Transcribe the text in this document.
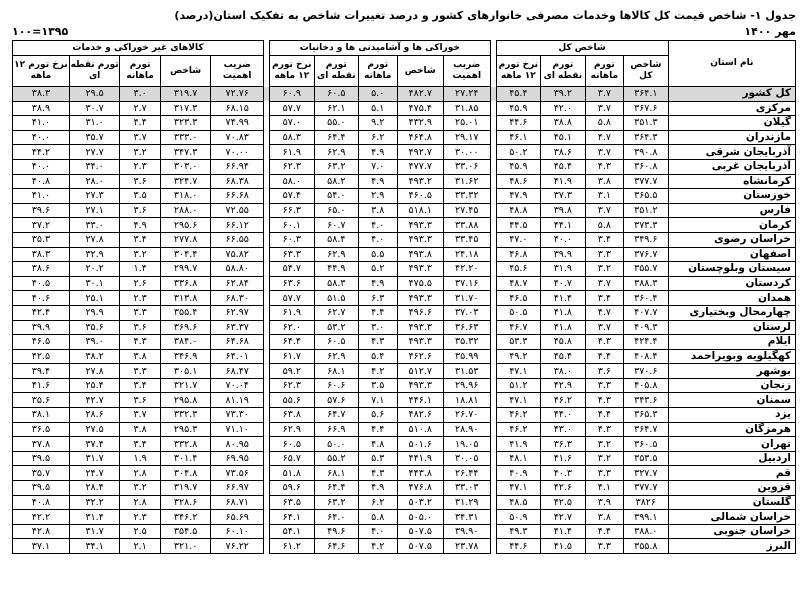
جدول ۱- شاخص قیمت کل کالاها وخدمات مصرفی خانوارهای کشور و درصد تغییرات شاخص به تفکیک استان(درصد)
۱۰۰=۱۳۹۵	مهر ۱۴۰۰
نام استان	شاخص کل					خوراکی ها و آشامیدنی ها و دخانیات						کالاهای غیر خوراکی و خدمات				
	شاخص کل	تورم ماهانه	تورم نقطه ای	نرخ تورم ۱۲ ماهه		ضریب اهمیت	شاخص	تورم ماهانه	تورم نقطه ای	نرخ تورم ۱۲ ماهه		ضریب اهمیت	شاخص	تورم ماهانه	تورم نقطه ای	نرخ تورم ۱۲ ماهه
کل کشور	۳۶۴.۱	۳.۷	۳۹.۲	۴۵.۴		۲۷.۲۴	۴۸۲.۷	۵.۰	۶۰.۵	۶۰.۹		۷۲.۷۶	۳۱۹.۷	۳.۰	۲۹.۵	۳۸.۳
مرکزی	۳۶۷.۶	۳.۷	۴۲.۰	۴۵.۹		۳۱.۸۵	۴۷۵.۴	۵.۱	۶۲.۱	۵۷.۷		۶۸.۱۵	۳۱۷.۳	۲.۷	۳۰.۷	۳۸.۹
گیلان	۳۵۱.۳	۵.۸	۳۸.۸	۴۴.۶		۲۵.۰۱	۴۳۲.۹	۹.۲	۵۵.۰	۵۷.۰		۷۴.۹۹	۳۲۳.۳	۴.۴	۳۱.۰	۴۱.۰
مازندران	۳۶۴.۳	۴.۷	۴۵.۱	۴۶.۱		۲۹.۱۷	۴۶۴.۸	۶.۲	۶۴.۴	۵۸.۳		۷۰.۸۳	۳۳۳.۰	۳.۷	۳۵.۷	۴۰.۰
آذربایجان شرقی	۳۹۰.۸	۳.۷	۳۸.۶	۵۰.۲		۳۰.۰۰	۴۹۲.۷	۴.۹	۶۲.۹	۶۱.۹		۷۰.۰۰	۳۴۷.۳	۳.۲	۲۷.۷	۴۴.۲
آذربایجان غربی	۳۶۰.۸	۴.۳	۴۵.۴	۴۵.۹		۳۳.۰۶	۴۷۷.۷	۷.۰	۶۳.۲	۶۲.۳		۶۶.۹۴	۳۰۳.۰	۲.۳	۳۴.۰	۴۰.۰
کرمانشاه	۳۷۷.۷	۳.۸	۴۱.۹	۴۸.۶		۳۱.۶۲	۴۹۳.۲	۴.۹	۵۸.۲	۵۸.۰		۶۸.۳۸	۳۲۴.۷	۳.۶	۲۸.۰	۴۰.۸
خوزستان	۳۶۵.۵	۳.۱	۳۷.۳	۴۷.۹		۳۳.۳۲	۴۶۰.۵	۲.۹	۵۴.۰	۵۷.۴		۶۶.۶۸	۳۱۸.۰	۳.۵	۲۷.۳	۴۱.۰
فارس	۳۵۱.۲	۳.۷	۳۹.۸	۴۸.۸		۲۷.۴۵	۵۱۸.۱	۳.۸	۶۵.۰	۶۶.۳		۷۲.۵۵	۲۸۸.۰	۳.۶	۲۷.۱	۳۹.۶
کرمان	۳۷۳.۳	۵.۸	۴۴.۱	۴۴.۵		۳۳.۸۸	۴۹۳.۳	۴.۰	۶۰.۷	۶۰.۱		۶۶.۱۲	۲۹۵.۶	۴.۹	۳۳.۰	۳۷.۲
خراسان رضوی	۳۴۹.۶	۳.۴	۴۰.۰	۴۷.۰		۳۳.۴۵	۴۹۳.۳	۴.۰	۵۸.۴	۶۰.۳		۶۶.۵۵	۲۷۷.۸	۳.۴	۲۷.۸	۳۵.۳
اصفهان	۳۷۶.۷	۳.۳	۳۹.۹	۴۶.۸		۲۴.۱۸	۴۹۳.۸	۵.۵	۶۲.۹	۶۳.۳		۷۵.۸۲	۳۰۴.۴	۳.۲	۳۲.۹	۳۸.۳
سیستان وبلوچستان	۳۵۵.۷	۳.۲	۳۱.۹	۴۵.۶		۴۲.۲۰	۴۹۳.۳	۵.۲	۴۴.۹	۵۴.۷		۵۸.۸۰	۲۹۹.۷	۱.۴	۲۰.۲	۳۸.۶
کردستان	۳۸۸.۳	۳.۷	۴۰.۷	۴۸.۷		۳۷.۱۶	۴۷۵.۵	۴.۹	۵۸.۳	۶۳.۶		۶۲.۸۴	۳۳۶.۸	۲.۶	۳۰.۱	۴۰.۵
همدان	۳۶۰.۴	۳.۴	۴۱.۴	۴۶.۵		۳۱.۷۰	۴۹۳.۳	۶.۳	۵۱.۵	۵۷.۷		۶۸.۳۰	۳۱۳.۸	۲.۳	۲۵.۱	۴۰.۶
چهارمحال وبختیاری	۴۰۷.۷	۴.۷	۴۱.۸	۵۰.۵		۳۷.۰۳	۴۹۶.۶	۴.۴	۶۲.۷	۶۱.۹		۶۲.۹۷	۳۵۵.۴	۳.۳	۲۹.۹	۴۲.۴
لرستان	۴۰۹.۳	۳.۷	۴۱.۸	۴۶.۷		۳۶.۶۳	۴۹۳.۳	۳.۰	۵۳.۲	۶۲.۰		۶۳.۳۷	۳۶۹.۶	۳.۶	۳۵.۶	۳۹.۹
ایلام	۴۲۴.۴	۴.۳	۴۵.۸	۵۳.۳		۳۵.۳۲	۴۹۳.۳	۴.۳	۶۰.۵	۶۴.۴		۶۴.۶۸	۳۸۴.۰	۴.۳	۳۹.۰	۴۶.۵
کهگیلویه وبویراحمد	۴۰۸.۴	۴.۴	۴۵.۴	۴۹.۲		۳۵.۹۹	۴۶۲.۶	۵.۴	۶۲.۹	۶۱.۷		۶۴.۰۱	۳۴۶.۹	۳.۸	۳۸.۲	۴۲.۵
بوشهر	۳۷۰.۶	۳.۶	۳۸.۰	۴۷.۱		۳۱.۵۳	۵۱۲.۷	۴.۲	۶۸.۱	۵۹.۲		۶۸.۴۷	۳۰۵.۱	۳.۳	۲۷.۸	۳۹.۴
زنجان	۴۰۵.۸	۳.۳	۴۲.۹	۵۱.۲		۲۹.۹۶	۴۹۳.۳	۳.۵	۶۰.۶	۶۲.۳		۷۰.۰۴	۳۲۱.۷	۳.۴	۲۵.۴	۴۱.۶
سمنان	۳۴۳.۶	۴.۳	۴۶.۲	۴۷.۱		۱۸.۸۱	۴۴۶.۱	۷.۱	۵۷.۶	۵۵.۶		۸۱.۱۹	۲۹۵.۸	۳.۶	۴۲.۷	۳۵.۶
یزد	۳۶۵.۳	۴.۴	۴۴.۰	۴۶.۲		۲۶.۷۰	۴۸۲.۶	۵.۶	۶۴.۷	۶۳.۸		۷۳.۳۰	۳۳۲.۳	۳.۷	۲۸.۶	۳۸.۱
هرمزگان	۳۶۴.۷	۴.۳	۴۳.۰	۴۶.۲		۲۸.۹۰	۵۱۰.۸	۴.۴	۶۶.۹	۶۲.۹		۷۱.۱۰	۲۹۵.۳	۳.۸	۲۷.۵	۳۶.۵
تهران	۳۶۰.۵	۳.۲	۳۶.۳	۴۱.۹		۱۹.۰۵	۵۰۱.۶	۴.۸	۵۰.۰	۶۰.۵		۸۰.۹۵	۳۳۲.۸	۳.۴	۳۷.۴	۳۷.۸
اردبیل	۳۵۳.۵	۳.۲	۴۱.۶	۴۸.۱		۳۰.۰۵	۴۴۱.۹	۵.۳	۵۵.۲	۶۵.۷		۶۹.۹۵	۳۰۱.۴	۱.۹	۳۱.۷	۳۹.۵
قم	۳۲۷.۷	۳.۳	۴۰.۳	۴۰.۹		۲۶.۴۴	۴۴۳.۸	۴.۳	۶۸.۱	۵۱.۸		۷۳.۵۶	۳۰۴.۸	۲.۸	۲۴.۷	۳۵.۷
قزوین	۳۷۷.۷	۴.۱	۴۲.۶	۴۷.۱		۳۳.۰۳	۴۷۶.۸	۴.۹	۶۴.۴	۵۹.۶		۶۶.۹۷	۳۱۹.۷	۳.۲	۲۸.۴	۳۹.۵
گلستان	۳۸۲۶	۳.۹	۴۲.۵	۴۸.۵		۳۱.۲۹	۵۰۳.۲	۶.۲	۶۳.۲	۶۳.۵		۶۸.۷۱	۳۲۸.۶	۲.۸	۳۲.۲	۴۰.۸
خراسان شمالی	۳۹۹.۱	۳.۸	۴۲.۷	۵۰.۹		۳۴.۳۱	۵۰۵.۰	۵.۸	۶۴.۰	۶۴.۱		۶۵.۶۹	۳۴۶.۲	۲.۳	۳۱.۴	۴۲.۲
خراسان جنوبی	۳۸۸.۰	۴.۴	۴۱.۴	۴۹.۳		۳۹.۹۰	۵۰۷.۵	۴.۰	۴۹.۶	۵۴.۱		۶۰.۱۰	۳۵۴.۵	۲.۵	۳۱.۷	۴۲.۸
البرز	۳۵۵.۸	۳.۳	۴۱.۵	۴۴.۶		۲۳.۷۸	۵۰۷.۵	۴.۲	۶۴.۶	۶۱.۲		۷۶.۲۲	۳۲۱.۰	۲.۱	۳۴.۱	۳۷.۱
